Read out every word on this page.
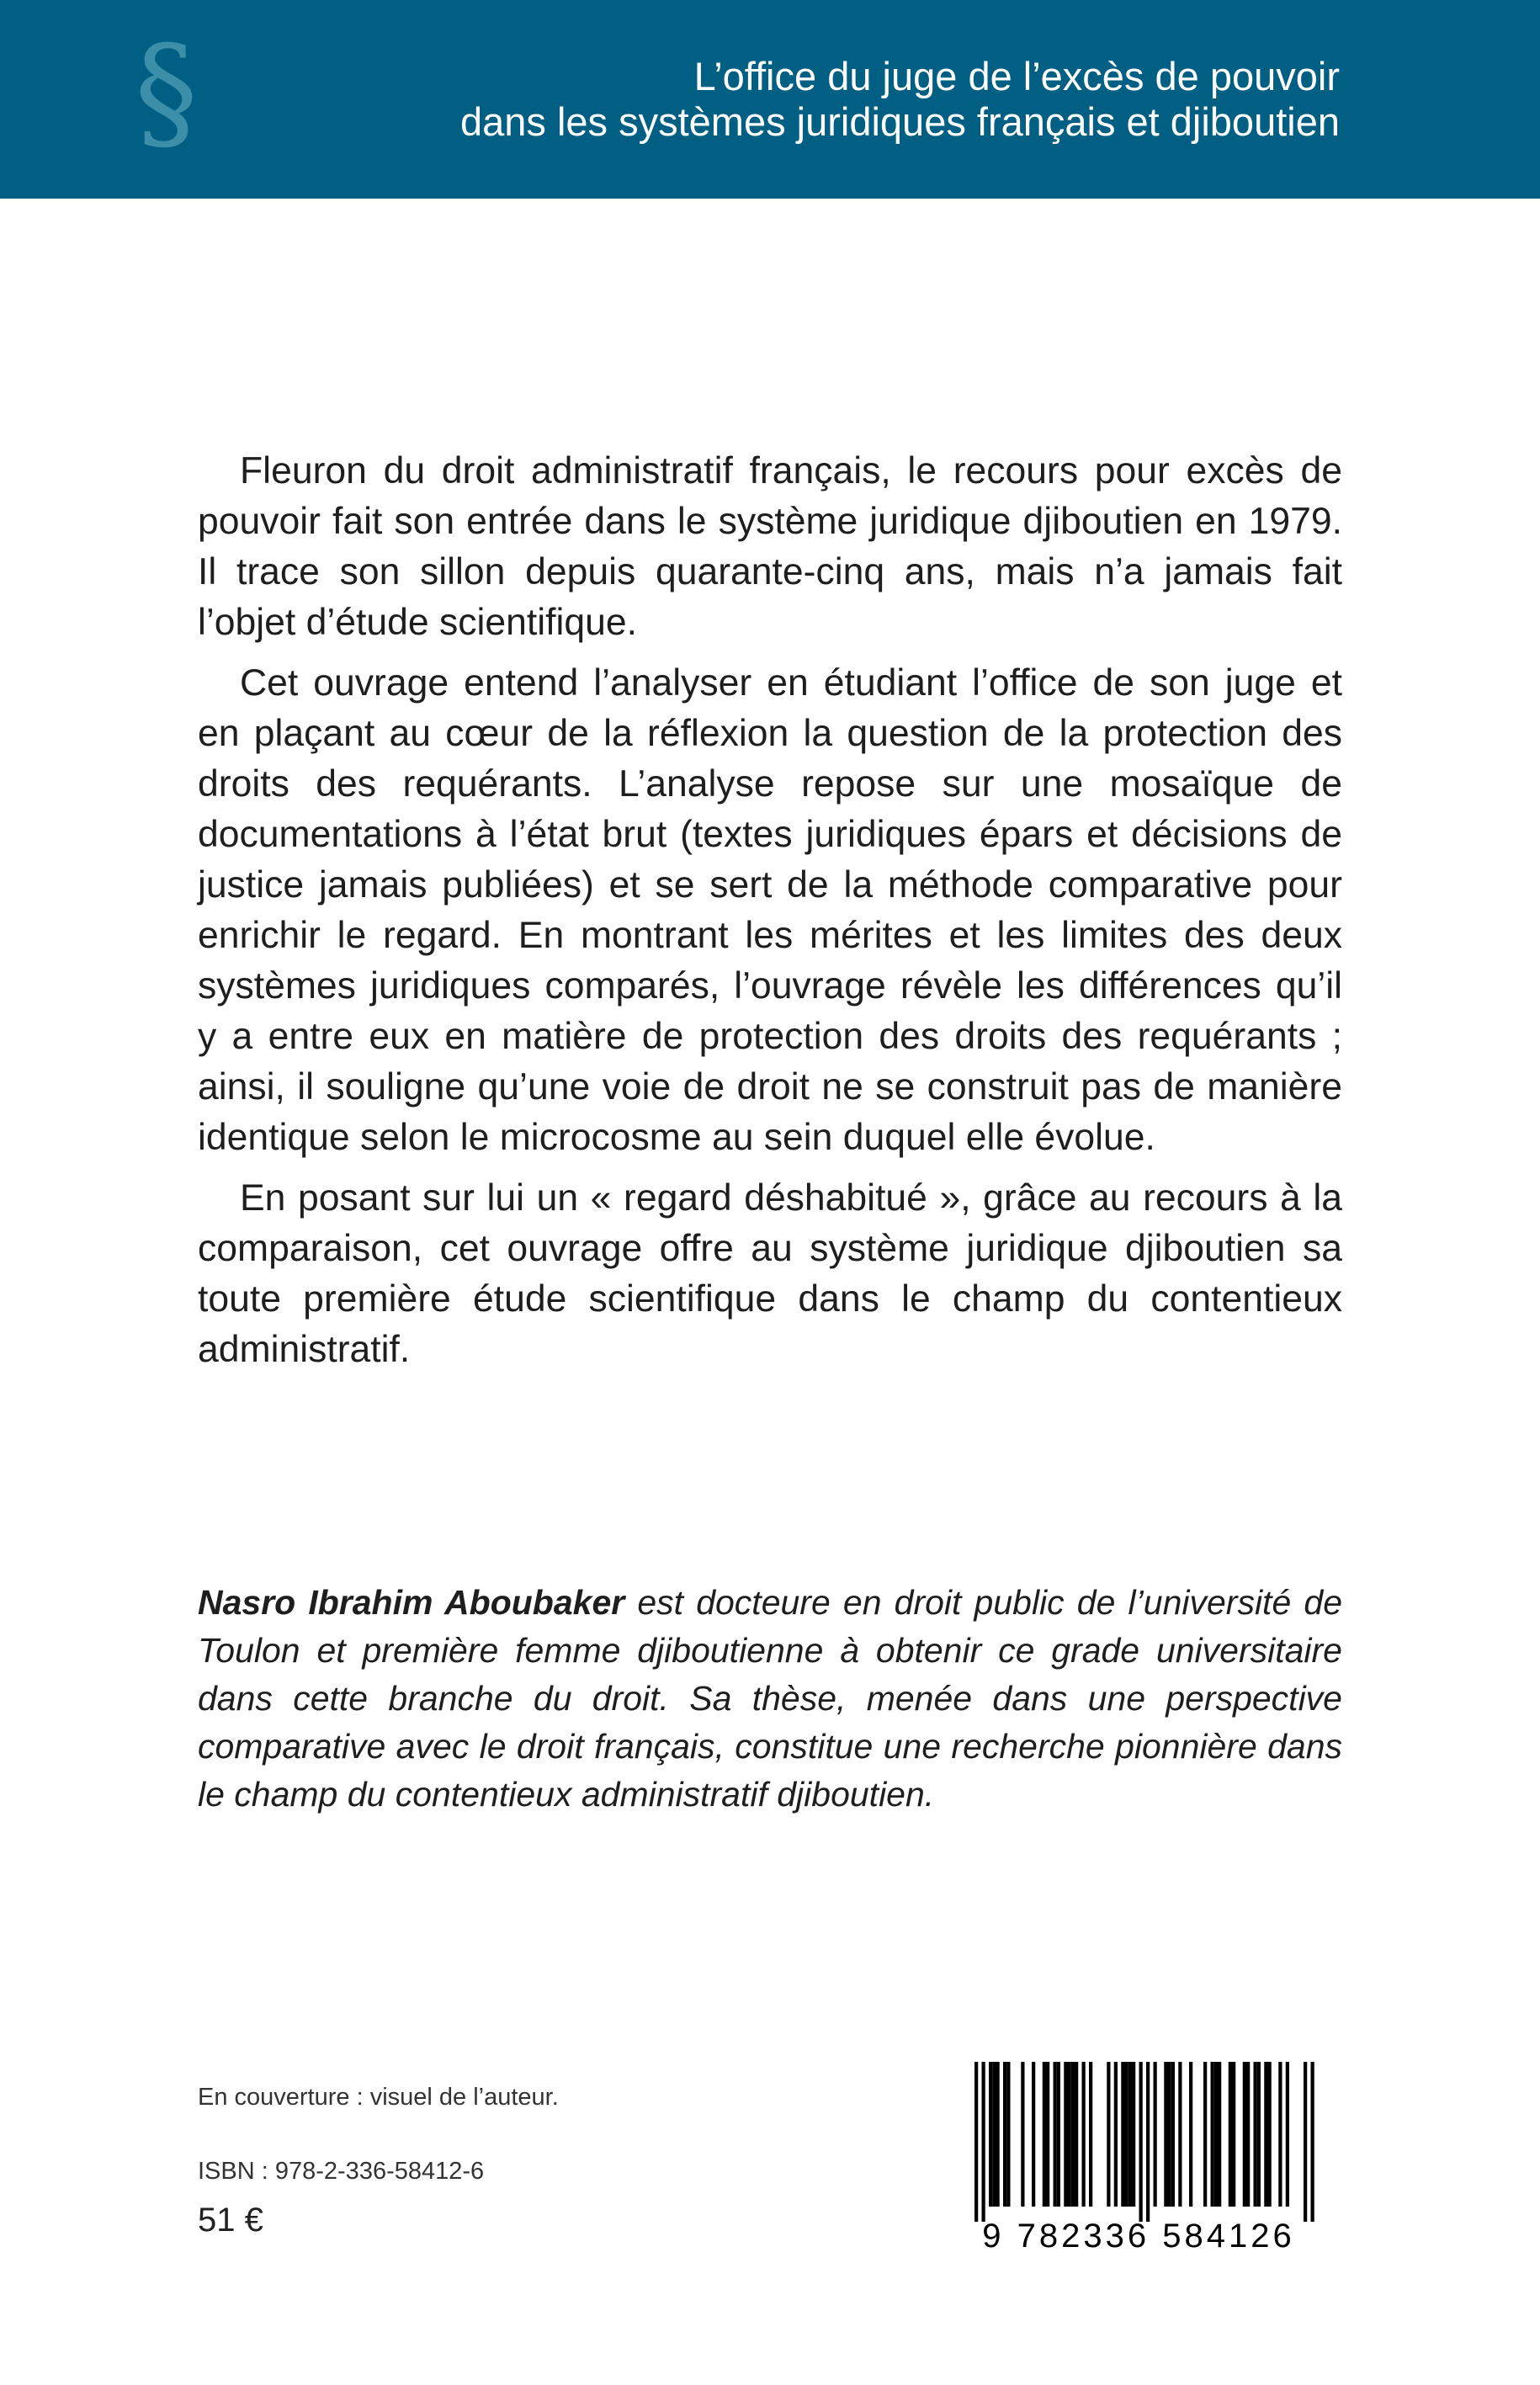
§	L’office du juge de l’excès de pouvoir
dans les systèmes juridiques français et djiboutien

Fleuron du droit administratif français, le recours pour excès de pouvoir fait son entrée dans le système juridique djiboutien en 1979. Il trace son sillon depuis quarante-cinq ans, mais n’a jamais fait l’objet d’étude scientifique.

Cet ouvrage entend l’analyser en étudiant l’office de son juge et en plaçant au cœur de la réflexion la question de la protection des droits des requérants. L’analyse repose sur une mosaïque de documentations à l’état brut (textes juridiques épars et décisions de justice jamais publiées) et se sert de la méthode comparative pour enrichir le regard. En montrant les mérites et les limites des deux systèmes juridiques comparés, l’ouvrage révèle les différences qu’il y a entre eux en matière de protection des droits des requérants ; ainsi, il souligne qu’une voie de droit ne se construit pas de manière identique selon le microcosme au sein duquel elle évolue.

En posant sur lui un « regard déshabitué », grâce au recours à la comparaison, cet ouvrage offre au système juridique djiboutien sa toute première étude scientifique dans le champ du contentieux administratif.

Nasro Ibrahim Aboubaker est docteure en droit public de l’université de Toulon et première femme djiboutienne à obtenir ce grade universitaire dans cette branche du droit. Sa thèse, menée dans une perspective comparative avec le droit français, constitue une recherche pionnière dans le champ du contentieux administratif djiboutien.
En couverture : visuel de l’auteur.
ISBN : 978-2-336-58412-6
51 €	9 782336 584126
